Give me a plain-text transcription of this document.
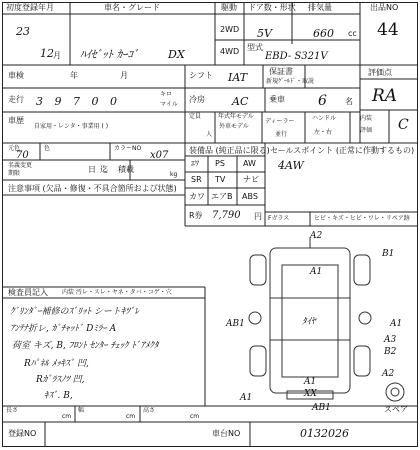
初度登録年月	車名・グレード	駆動 ドア数・形状 排気量	出品NO
2WD
4WD 型式
cc
月
23
12 ﾊｲｾﾞｯﾄ ｶｰｺﾞ	DX
5V	660
EBD- S321V
44
車検	年	月	シフト IAT	保証書
新規ｸﾞｰﾙﾄﾞ・取説
評価点
RA
走行 3 9 7 0 0
キロ
マイル
冷房 AC	乗車 6 名
車歴
自家用・レンタ・事業用 ( )
定員
人
年式年モデル
外車モデル
ディーラー
並行
ハンドル
左・右
内装
評価 C
元色	色	カラーNO
70	x07	装備品 (純正品に限る) セールスポイント (正常に作動するもの)
4AW
名義変更
期限	日 迄 積載
kg
ｴﾜ PS AW
SR TV ナビ
カワ エアB ABS
R券 7,790 円 Fガラス	ヒビ・キズ・ヒビ・ワレ・リペア跡
注意事項 (欠品・修復・不具合箇所および状態)
検査員記入 内装 汚レ・スレ・ヤネ・タバ・コゲ・穴
ｸﾞﾘﾝﾀﾞｰ補修のｽﾞﾘｯﾄ シートｷﾂﾞﾚ
ｱﾝﾃﾅ折レ, ｶﾞﾁｬｯﾄﾞ Dﾐﾗｰ A
荷室 キズ, B, ﾌﾛﾝﾄ ｾﾝﾀｰ ﾁｪｯｸ ﾄﾞｱﾒｸﾀ
Rﾊﾟﾈﾙ ﾒｯｷｽﾞ 凹,
Rｶﾞﾗｽﾉﾂ 凹,
ｷｽﾞ. B,
A2
B1
A1
AB1	ﾀｲﾔ
A3
A1
B2
A2
A1	XX
A1
AB1	スペア
長さ
cm
幅
cm
高さ
cm
登録NO	車台NO	0132026
